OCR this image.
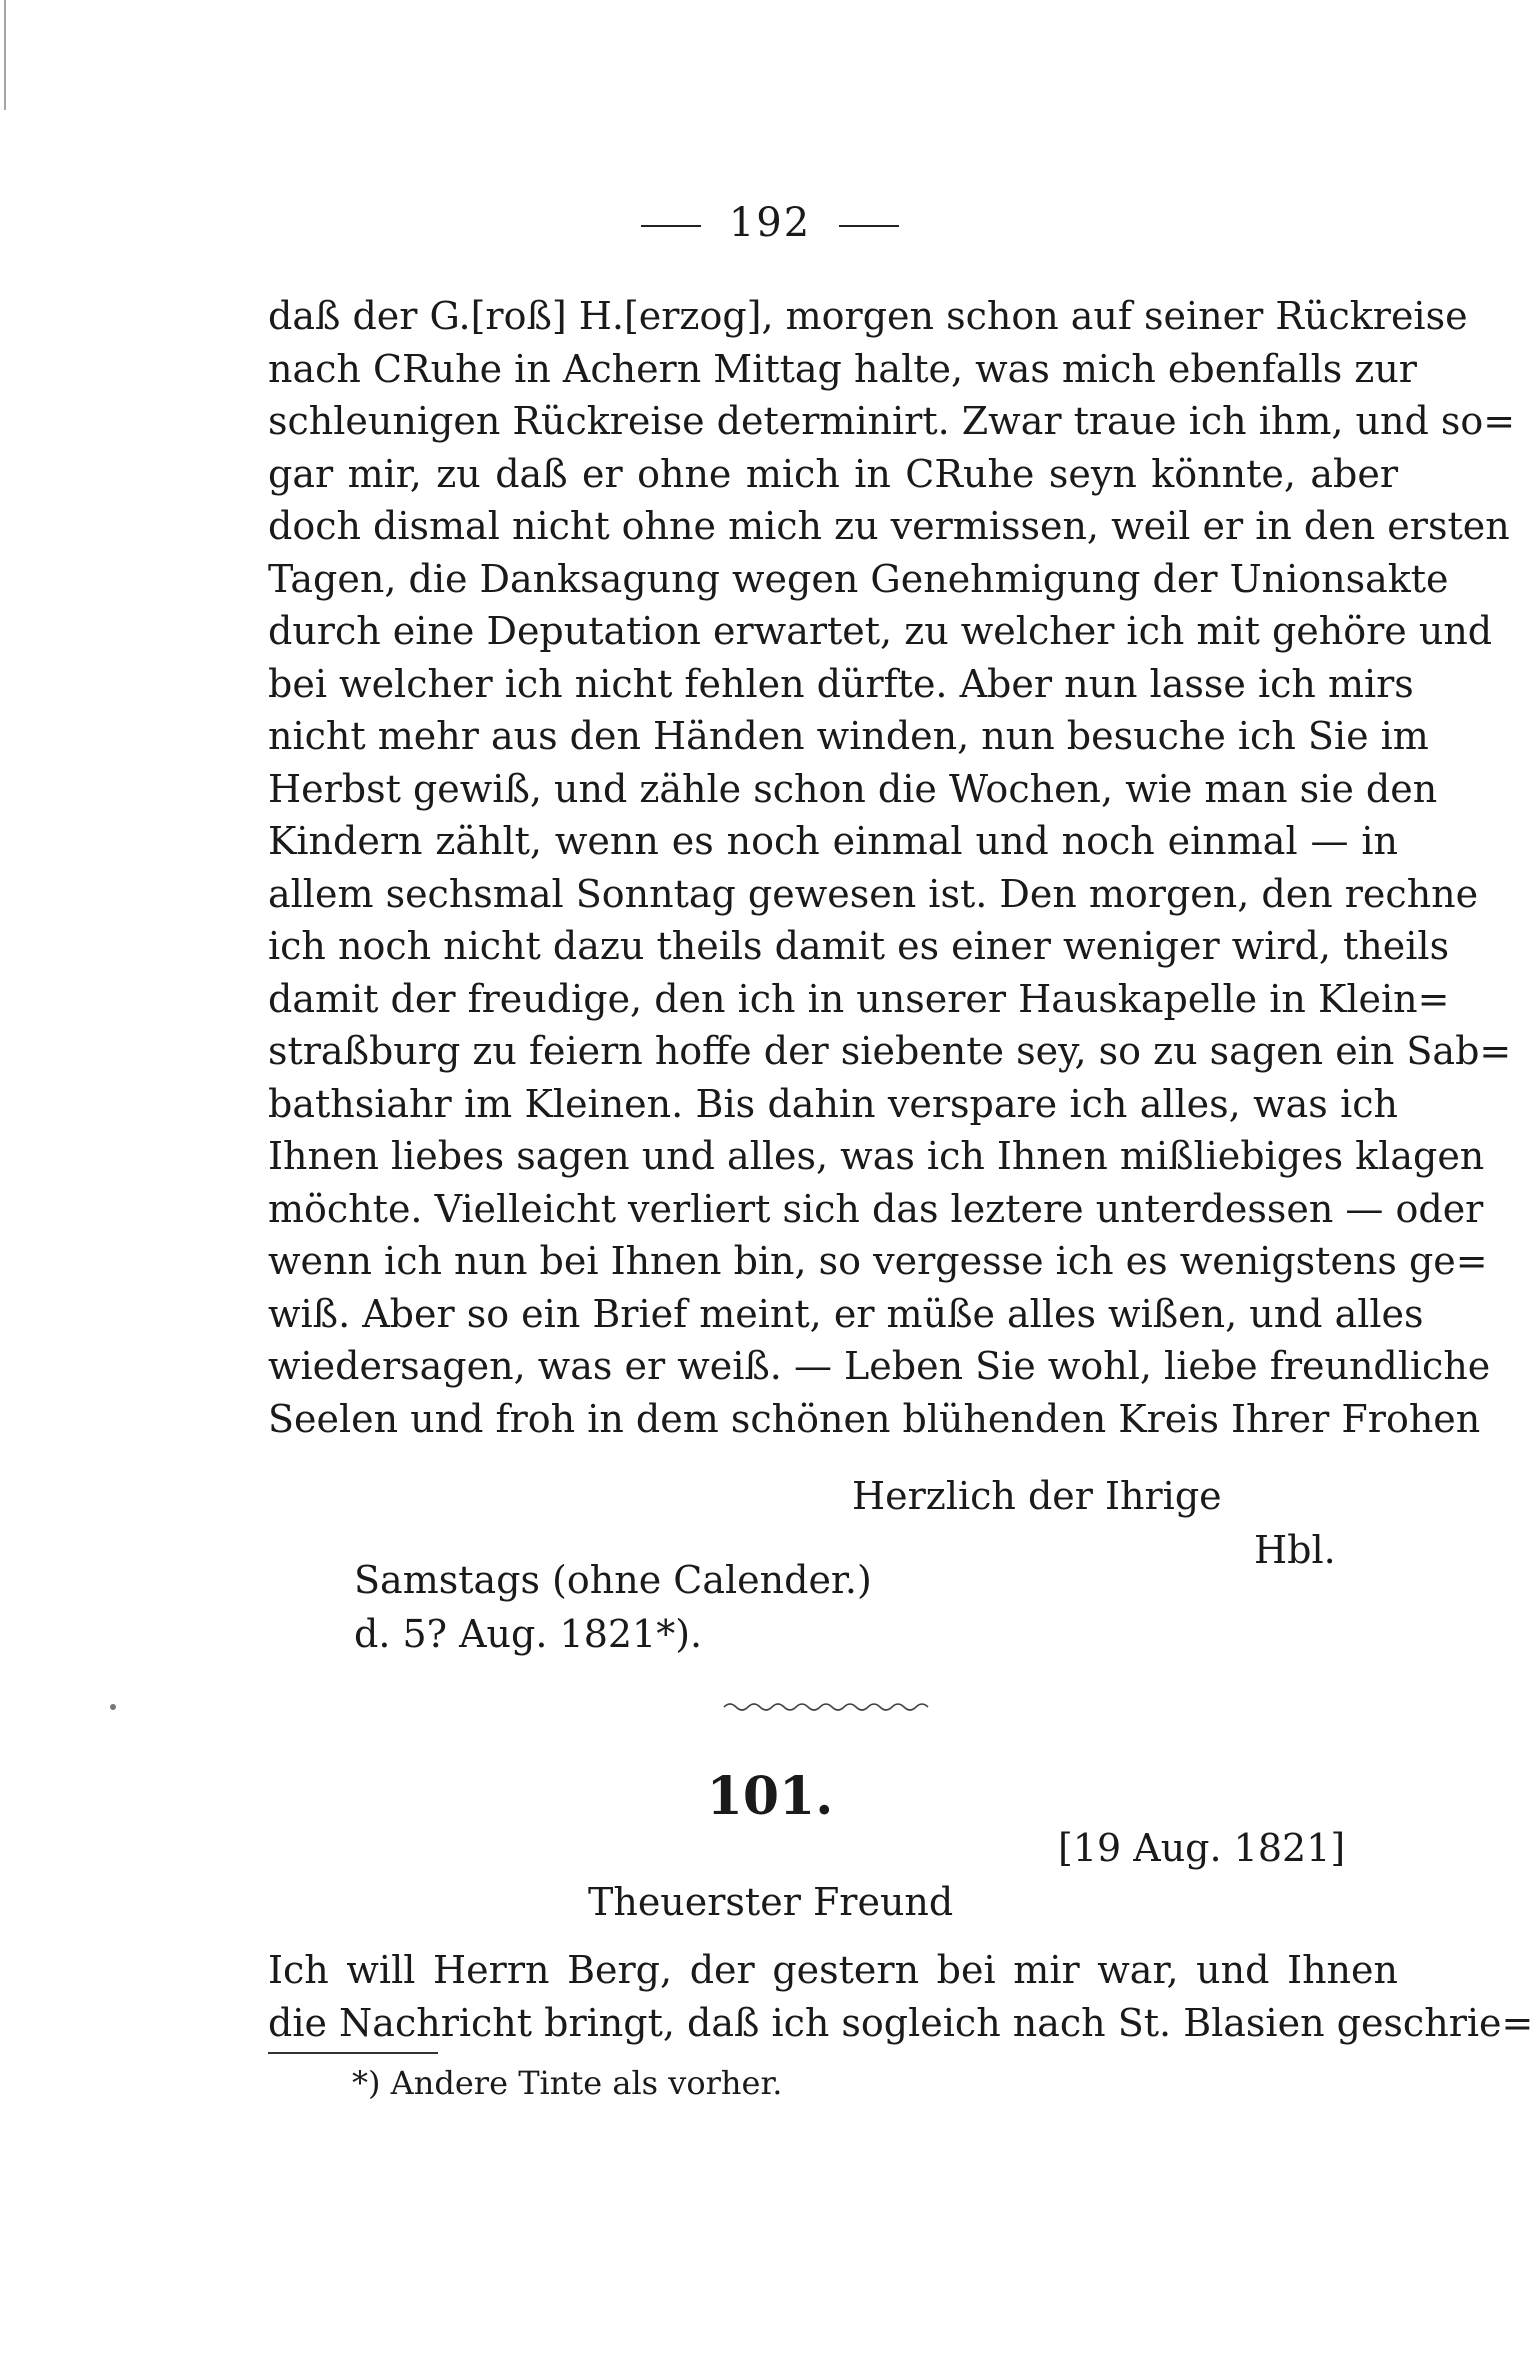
192
daß der G.[roß] H.[erzog], morgen schon auf seiner Rückreise
nach CRuhe in Achern Mittag halte, was mich ebenfalls zur
schleunigen Rückreise determinirt. Zwar traue ich ihm, und so=
gar mir, zu daß er ohne mich in CRuhe seyn könnte, aber
doch dismal nicht ohne mich zu vermissen, weil er in den ersten
Tagen, die Danksagung wegen Genehmigung der Unionsakte
durch eine Deputation erwartet, zu welcher ich mit gehöre und
bei welcher ich nicht fehlen dürfte. Aber nun lasse ich mirs
nicht mehr aus den Händen winden, nun besuche ich Sie im
Herbst gewiß, und zähle schon die Wochen, wie man sie den
Kindern zählt, wenn es noch einmal und noch einmal — in
allem sechsmal Sonntag gewesen ist. Den morgen, den rechne
ich noch nicht dazu theils damit es einer weniger wird, theils
damit der freudige, den ich in unserer Hauskapelle in Klein=
straßburg zu feiern hoffe der siebente sey, so zu sagen ein Sab=
bathsiahr im Kleinen. Bis dahin verspare ich alles, was ich
Ihnen liebes sagen und alles, was ich Ihnen mißliebiges klagen
möchte. Vielleicht verliert sich das leztere unterdessen — oder
wenn ich nun bei Ihnen bin, so vergesse ich es wenigstens ge=
wiß. Aber so ein Brief meint, er müße alles wißen, und alles
wiedersagen, was er weiß. — Leben Sie wohl, liebe freundliche
Seelen und froh in dem schönen blühenden Kreis Ihrer Frohen
Herzlich der Ihrige
Hbl.
Samstags (ohne Calender.)
d. 5? Aug. 1821*).
101.
[19 Aug. 1821]
Theuerster Freund
Ich will Herrn Berg, der gestern bei mir war, und Ihnen
die Nachricht bringt, daß ich sogleich nach St. Blasien geschrie=
*) Andere Tinte als vorher.
